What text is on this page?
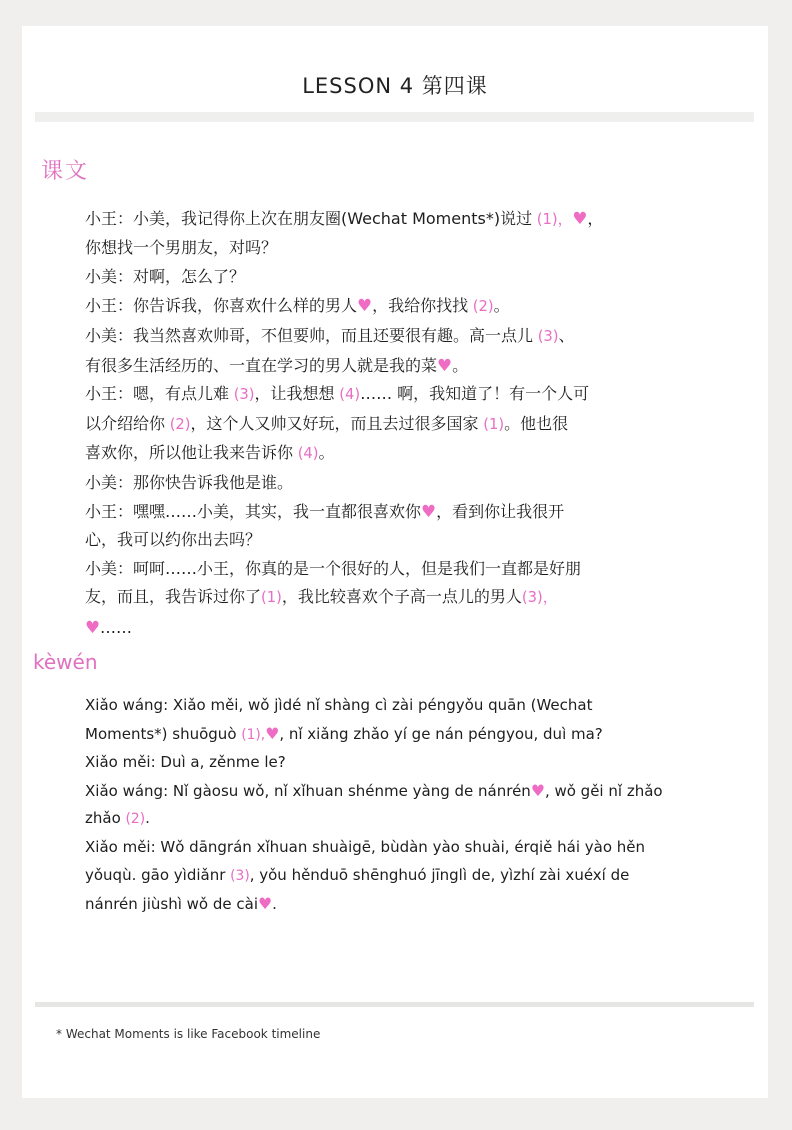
LESSON 4 第四课
课文

小王：小美，我记得你上次在朋友圈(Wechat Moments*)说过 (1)，♥，

你想找一个男朋友，对吗？

小美：对啊，怎么了？

小王：你告诉我，你喜欢什么样的男人♥，我给你找找 (2)。

小美：我当然喜欢帅哥，不但要帅，而且还要很有趣。高一点儿 (3)、

有很多生活经历的、一直在学习的男人就是我的菜♥。

小王：嗯，有点儿难 (3)，让我想想 (4)…… 啊，我知道了！有一个人可

以介绍给你 (2)，这个人又帅又好玩，而且去过很多国家 (1)。他也很

喜欢你，所以他让我来告诉你 (4)。

小美：那你快告诉我他是谁。

小王：嘿嘿……小美，其实，我一直都很喜欢你♥，看到你让我很开

心，我可以约你出去吗？

小美：呵呵……小王，你真的是一个很好的人，但是我们一直都是好朋

友，而且，我告诉过你了(1)，我比较喜欢个子高一点儿的男人(3)，

♥……

kèwén

Xiǎo wáng: Xiǎo měi, wǒ jìdé nǐ shàng cì zài péngyǒu quān (Wechat

Moments*) shuōguò (1),♥, nǐ xiǎng zhǎo yí ge nán péngyou, duì ma?

Xiǎo měi: Duì a, zěnme le?

Xiǎo wáng: Nǐ gàosu wǒ, nǐ xǐhuan shénme yàng de nánrén♥, wǒ gěi nǐ zhǎo

zhǎo (2).

Xiǎo měi: Wǒ dāngrán xǐhuan shuàigē, bùdàn yào shuài, érqiě hái yào hěn

yǒuqù. gāo yìdiǎnr (3), yǒu hěnduō shēnghuó jīnglì de, yìzhí zài xuéxí de

nánrén jiùshì wǒ de cài♥.

* Wechat Moments is like Facebook timeline
